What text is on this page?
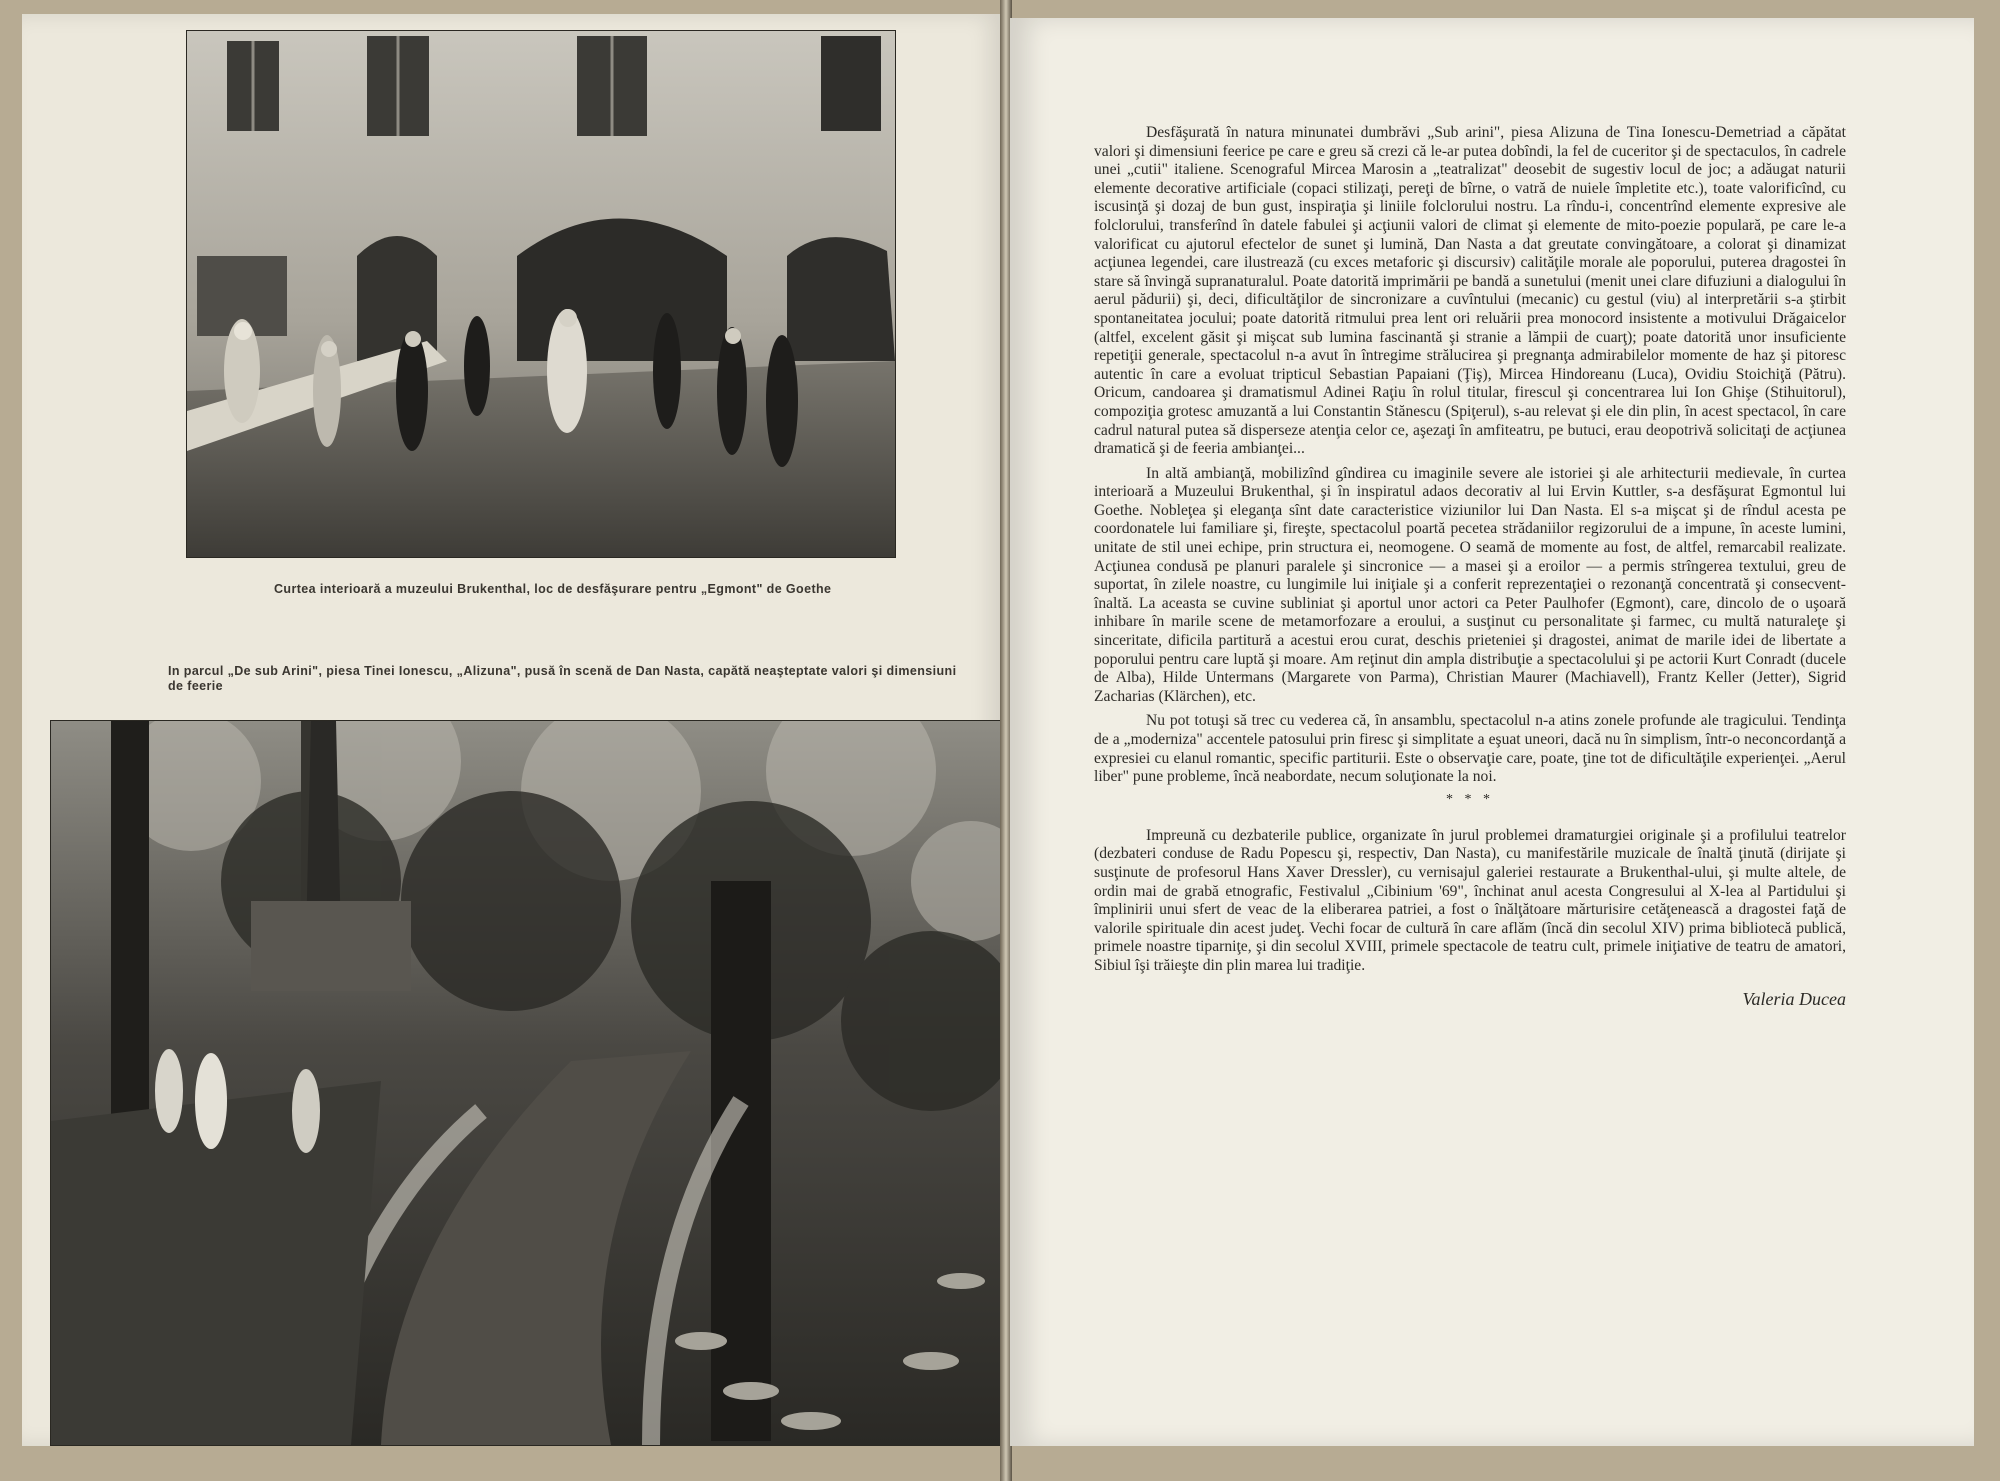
Curtea interioară a muzeului Brukenthal, loc de desfăşurare pentru „Egmont" de Goethe
In parcul „De sub Arini", piesa Tinei Ionescu, „Alizuna", pusă în scenă de Dan Nasta, capătă neaşteptate valori şi dimensiuni de feerie

Desfăşurată în natura minunatei dumbrăvi „Sub arini", piesa Alizuna de Tina Ionescu-Demetriad a căpătat valori şi dimensiuni feerice pe care e greu să crezi că le-ar putea dobîndi, la fel de cuceritor şi de spectaculos, în cadrele unei „cutii" italiene. Scenograful Mircea Marosin a „teatralizat" deosebit de sugestiv locul de joc; a adăugat naturii elemente decorative artificiale (copaci stilizaţi, pereţi de bîrne, o vatră de nuiele împletite etc.), toate valorificînd, cu iscusinţă şi dozaj de bun gust, inspiraţia şi liniile folclorului nostru. La rîndu-i, concentrînd elemente expresive ale folclorului, transferînd în datele fabulei şi acţiunii valori de climat şi elemente de mito-poezie populară, pe care le-a valorificat cu ajutorul efectelor de sunet şi lumină, Dan Nasta a dat greutate convingătoare, a colorat şi dinamizat acţiunea legendei, care ilustrează (cu exces metaforic şi discursiv) calităţile morale ale poporului, puterea dragostei în stare să învingă supranaturalul. Poate datorită imprimării pe bandă a sunetului (menit unei clare difuziuni a dialogului în aerul pădurii) şi, deci, dificultăţilor de sincronizare a cuvîntului (mecanic) cu gestul (viu) al interpretării s-a ştirbit spontaneitatea jocului; poate datorită ritmului prea lent ori reluării prea monocord insistente a motivului Drăgaicelor (altfel, excelent găsit şi mişcat sub lumina fascinantă şi stranie a lămpii de cuarţ); poate datorită unor insuficiente repetiţii generale, spectacolul n-a avut în întregime strălucirea şi pregnanţa admirabilelor momente de haz şi pitoresc autentic în care a evoluat tripticul Sebastian Papaiani (Ţiş), Mircea Hindoreanu (Luca), Ovidiu Stoichiţă (Pătru). Oricum, candoarea şi dramatismul Adinei Raţiu în rolul titular, firescul şi concentrarea lui Ion Ghişe (Stihuitorul), compoziţia grotesc amuzantă a lui Constantin Stănescu (Spiţerul), s-au relevat şi ele din plin, în acest spectacol, în care cadrul natural putea să disperseze atenţia celor ce, aşezaţi în amfiteatru, pe butuci, erau deopotrivă solicitaţi de acţiunea dramatică şi de feeria ambianţei...

In altă ambianţă, mobilizînd gîndirea cu imaginile severe ale istoriei şi ale arhitecturii medievale, în curtea interioară a Muzeului Brukenthal, şi în inspiratul adaos decorativ al lui Ervin Kuttler, s-a desfăşurat Egmontul lui Goethe. Nobleţea şi eleganţa sînt date caracteristice viziunilor lui Dan Nasta. El s-a mişcat şi de rîndul acesta pe coordonatele lui familiare şi, fireşte, spectacolul poartă pecetea strădaniilor regizorului de a impune, în aceste lumini, unitate de stil unei echipe, prin structura ei, neomogene. O seamă de momente au fost, de altfel, remarcabil realizate. Acţiunea condusă pe planuri paralele şi sincronice — a masei şi a eroilor — a permis strîngerea textului, greu de suportat, în zilele noastre, cu lungimile lui iniţiale şi a conferit reprezentaţiei o rezonanţă concentrată şi consecvent-înaltă. La aceasta se cuvine subliniat şi aportul unor actori ca Peter Paulhofer (Egmont), care, dincolo de o uşoară inhibare în marile scene de metamorfozare a eroului, a susţinut cu personalitate şi farmec, cu multă naturaleţe şi sinceritate, dificila partitură a acestui erou curat, deschis prieteniei şi dragostei, animat de marile idei de libertate a poporului pentru care luptă şi moare. Am reţinut din ampla distribuţie a spectacolului şi pe actorii Kurt Conradt (ducele de Alba), Hilde Untermans (Margarete von Parma), Christian Maurer (Machiavell), Frantz Keller (Jetter), Sigrid Zacharias (Klärchen), etc.

Nu pot totuşi să trec cu vederea că, în ansamblu, spectacolul n-a atins zonele profunde ale tragicului. Tendinţa de a „moderniza" accentele patosului prin firesc şi simplitate a eşuat uneori, dacă nu în simplism, într-o neconcordanţă a expresiei cu elanul romantic, specific partiturii. Este o observaţie care, poate, ţine tot de dificultăţile experienţei. „Aerul liber" pune probleme, încă neabordate, necum soluţionate la noi.

* * *

Impreună cu dezbaterile publice, organizate în jurul problemei dramaturgiei originale şi a profilului teatrelor (dezbateri conduse de Radu Popescu şi, respectiv, Dan Nasta), cu manifestările muzicale de înaltă ţinută (dirijate şi susţinute de profesorul Hans Xaver Dressler), cu vernisajul galeriei restaurate a Brukenthal-ului, şi multe altele, de ordin mai de grabă etnografic, Festivalul „Cibinium '69", închinat anul acesta Congresului al X-lea al Partidului şi împlinirii unui sfert de veac de la eliberarea patriei, a fost o înălţătoare mărturisire cetăţenească a dragostei faţă de valorile spirituale din acest judeţ. Vechi focar de cultură în care aflăm (încă din secolul XIV) prima bibliotecă publică, primele noastre tiparniţe, şi din secolul XVIII, primele spectacole de teatru cult, primele iniţiative de teatru de amatori, Sibiul îşi trăieşte din plin marea lui tradiţie.

Valeria Ducea
